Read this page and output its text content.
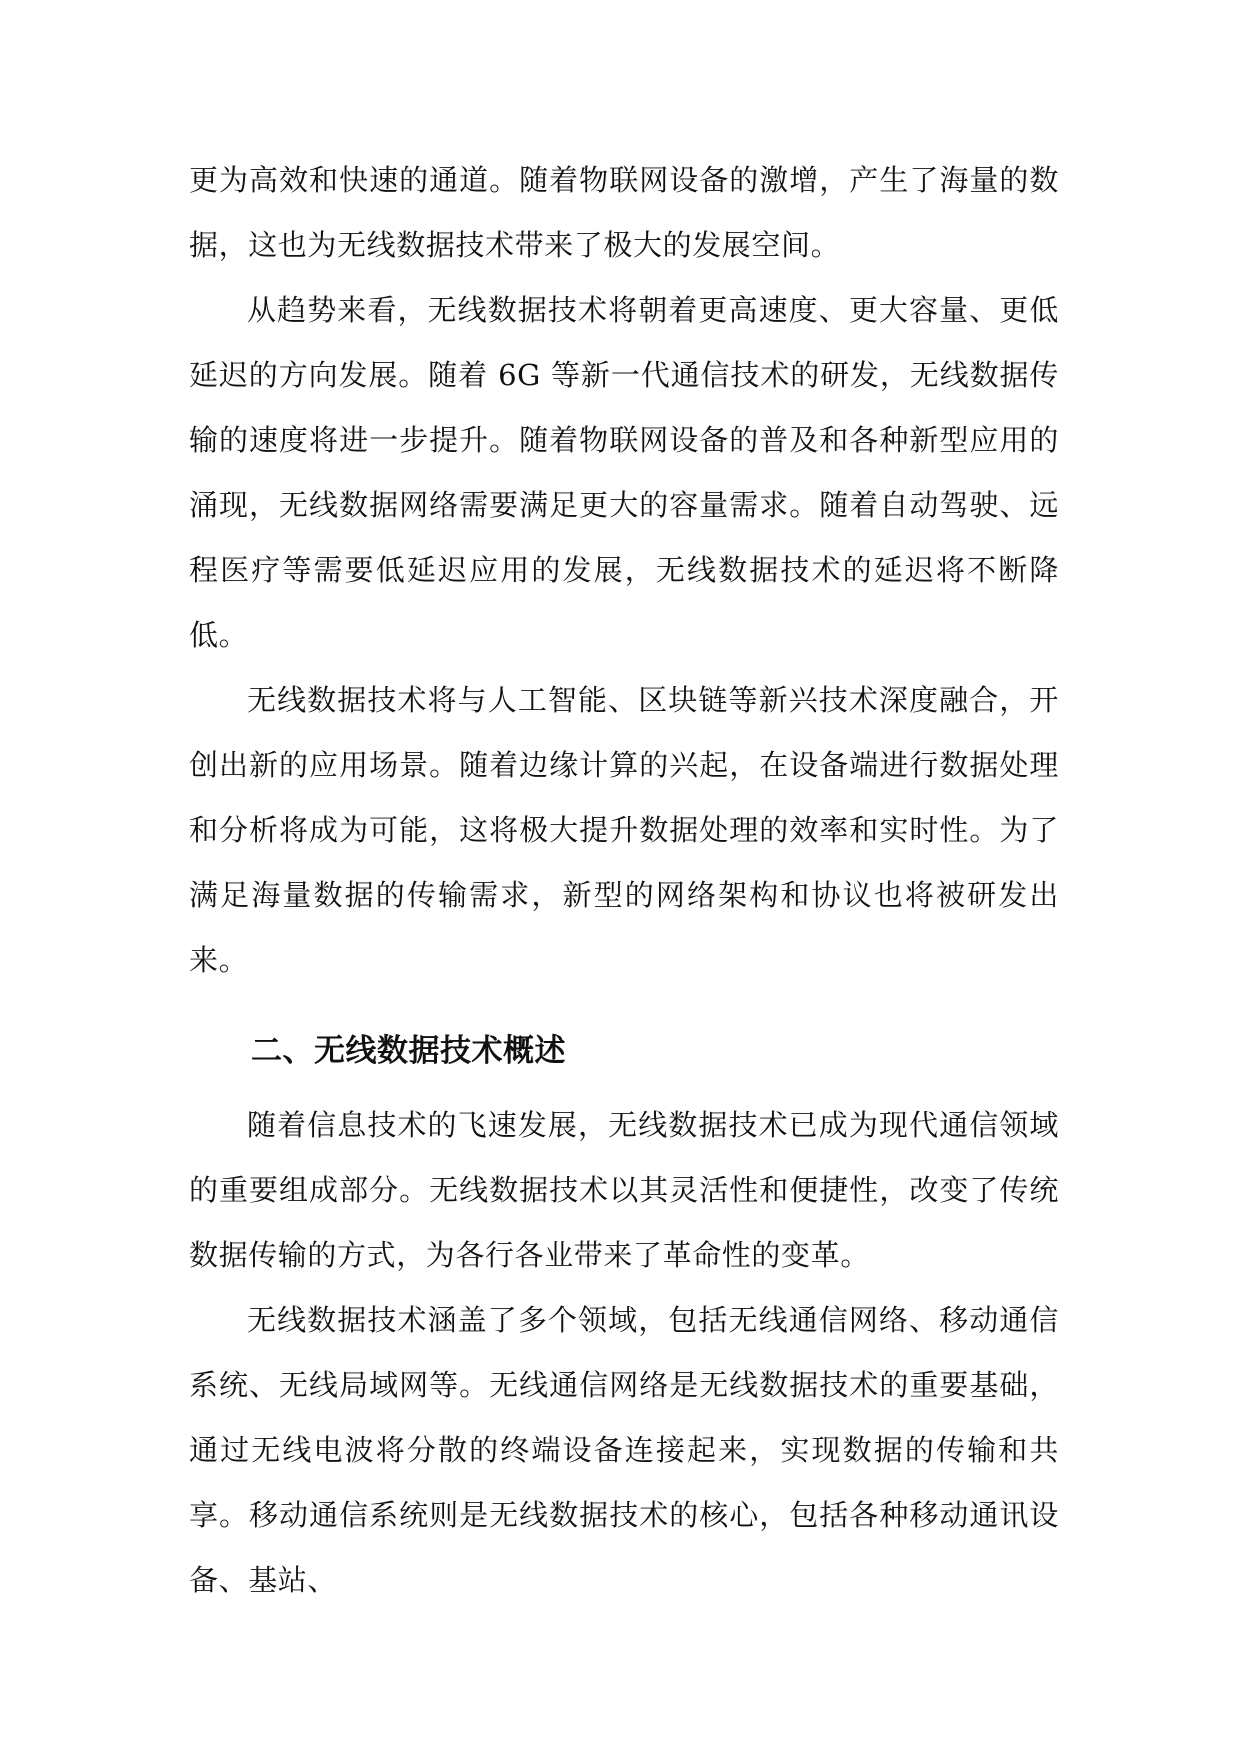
更为高效和快速的通道。随着物联网设备的激增，产生了海量的数据，这也为无线数据技术带来了极大的发展空间。

从趋势来看，无线数据技术将朝着更高速度、更大容量、更低延迟的方向发展。随着 6G 等新一代通信技术的研发，无线数据传输的速度将进一步提升。随着物联网设备的普及和各种新型应用的涌现，无线数据网络需要满足更大的容量需求。随着自动驾驶、远程医疗等需要低延迟应用的发展，无线数据技术的延迟将不断降低。

无线数据技术将与人工智能、区块链等新兴技术深度融合，开创出新的应用场景。随着边缘计算的兴起，在设备端进行数据处理和分析将成为可能，这将极大提升数据处理的效率和实时性。为了满足海量数据的传输需求，新型的网络架构和协议也将被研发出来。

二、无线数据技术概述

随着信息技术的飞速发展，无线数据技术已成为现代通信领域的重要组成部分。无线数据技术以其灵活性和便捷性，改变了传统数据传输的方式，为各行各业带来了革命性的变革。

无线数据技术涵盖了多个领域，包括无线通信网络、移动通信系统、无线局域网等。无线通信网络是无线数据技术的重要基础，通过无线电波将分散的终端设备连接起来，实现数据的传输和共享。移动通信系统则是无线数据技术的核心，包括各种移动通讯设备、基站、
